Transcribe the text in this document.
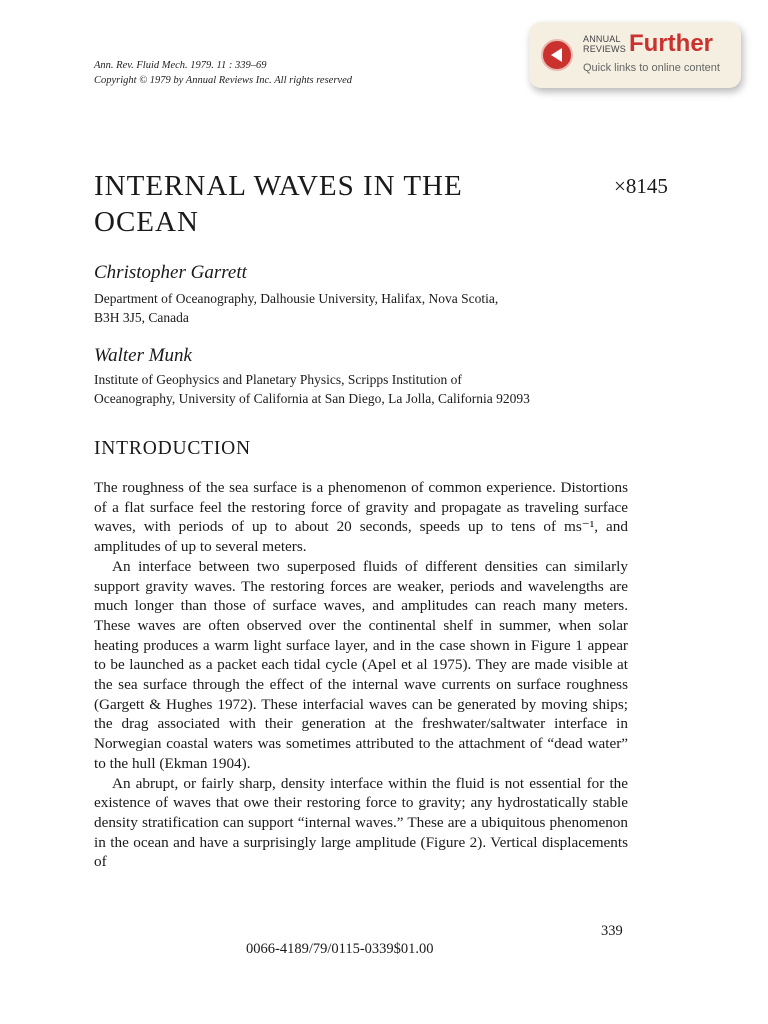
Ann. Rev. Fluid Mech. 1979. 11 : 339–69
Copyright © 1979 by Annual Reviews Inc. All rights reserved
ANNUAL REVIEWS Further
Quick links to online content
INTERNAL WAVES IN THE OCEAN
×8145
Christopher Garrett
Department of Oceanography, Dalhousie University, Halifax, Nova Scotia,
B3H 3J5, Canada
Walter Munk
Institute of Geophysics and Planetary Physics, Scripps Institution of
Oceanography, University of California at San Diego, La Jolla, California 92093
INTRODUCTION

The roughness of the sea surface is a phenomenon of common experience. Distortions of a flat surface feel the restoring force of gravity and propagate as traveling surface waves, with periods of up to about 20 seconds, speeds up to tens of ms⁻¹, and amplitudes of up to several meters.

An interface between two superposed fluids of different densities can similarly support gravity waves. The restoring forces are weaker, periods and wavelengths are much longer than those of surface waves, and amplitudes can reach many meters. These waves are often observed over the continental shelf in summer, when solar heating produces a warm light surface layer, and in the case shown in Figure 1 appear to be launched as a packet each tidal cycle (Apel et al 1975). They are made visible at the sea surface through the effect of the internal wave currents on surface roughness (Gargett & Hughes 1972). These interfacial waves can be generated by moving ships; the drag associated with their generation at the freshwater/saltwater interface in Norwegian coastal waters was sometimes attributed to the attachment of “dead water” to the hull (Ekman 1904).

An abrupt, or fairly sharp, density interface within the fluid is not essential for the existence of waves that owe their restoring force to gravity; any hydrostatically stable density stratification can support “internal waves.” These are a ubiquitous phenomenon in the ocean and have a surprisingly large amplitude (Figure 2). Vertical displacements of

339
0066-4189/79/0115-0339$01.00
